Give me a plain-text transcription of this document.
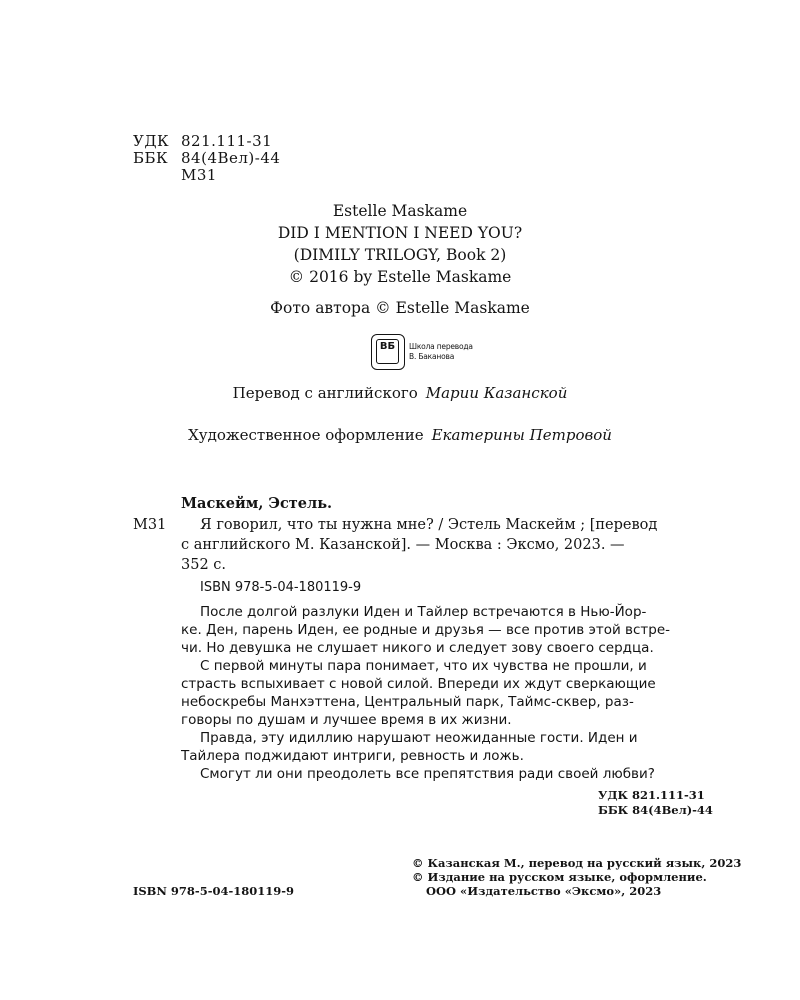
УДК 821.111-31
ББК 84(4Вел)-44
М31
Estelle Maskame
DID I MENTION I NEED YOU?
(DIMILY TRILOGY, Book 2)
© 2016 by Estelle Maskame
Фото автора © Estelle Maskame
ВБ	Школа перевода
В. Баканова
Перевод с английского Марии Казанской
Художественное оформление Екатерины Петровой
Маскейм, Эстель.
М31 Я говорил, что ты нужна мне? / Эстель Маскейм ; [перевод
с английского М. Казанской]. — Москва : Эксмо, 2023. —
352 с.
ISBN 978-5-04-180119-9
После долгой разлуки Иден и Тайлер встречаются в Нью-Йор-
ке. Ден, парень Иден, ее родные и друзья — все против этой встре-
чи. Но девушка не слушает никого и следует зову своего сердца.
С первой минуты пара понимает, что их чувства не прошли, и
страсть вспыхивает с новой силой. Впереди их ждут сверкающие
небоскребы Манхэттена, Центральный парк, Таймс-сквер, раз-
говоры по душам и лучшее время в их жизни.
Правда, эту идиллию нарушают неожиданные гости. Иден и
Тайлера поджидают интриги, ревность и ложь.
Смогут ли они преодолеть все препятствия ради своей любви?
УДК 821.111-31
ББК 84(4Вел)-44
ISBN 978-5-04-180119-9
© Казанская М., перевод на русский язык, 2023
© Издание на русском языке, оформление.
ООО «Издательство «Эксмо», 2023
